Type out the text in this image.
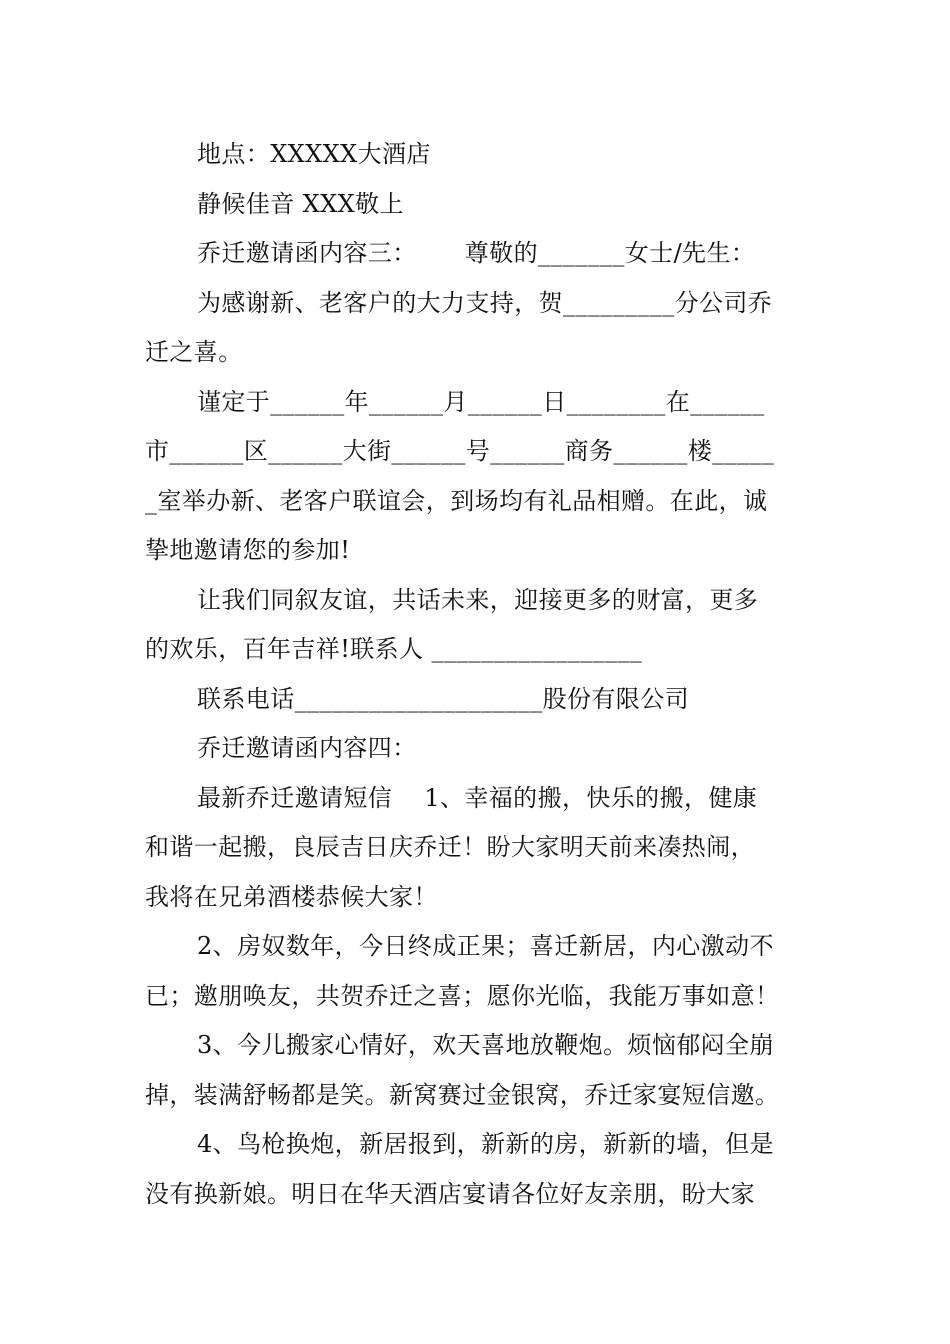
地点：XXXXX大酒店
静候佳音 XXX敬上
乔迁邀请函内容三：      尊敬的_______女士/先生：
为感谢新、老客户的大力支持，贺_________分公司乔
迁之喜。
谨定于______年______月______日________在______
市______区______大街______号______商务______楼_____
_室举办新、老客户联谊会，到场均有礼品相赠。在此，诚
挚地邀请您的参加!
让我们同叙友谊，共话未来，迎接更多的财富，更多
的欢乐，百年吉祥!联系人 _________________
联系电话____________________股份有限公司
乔迁邀请函内容四：
最新乔迁邀请短信    1、幸福的搬，快乐的搬，健康
和谐一起搬，良辰吉日庆乔迁！盼大家明天前来凑热闹，
我将在兄弟酒楼恭候大家！
2、房奴数年，今日终成正果；喜迁新居，内心激动不
已；邀朋唤友，共贺乔迁之喜；愿你光临，我能万事如意！
3、今儿搬家心情好，欢天喜地放鞭炮。烦恼郁闷全崩
掉，装满舒畅都是笑。新窝赛过金银窝，乔迁家宴短信邀。
4、鸟枪换炮，新居报到，新新的房，新新的墙，但是
没有换新娘。明日在华天酒店宴请各位好友亲朋，盼大家
